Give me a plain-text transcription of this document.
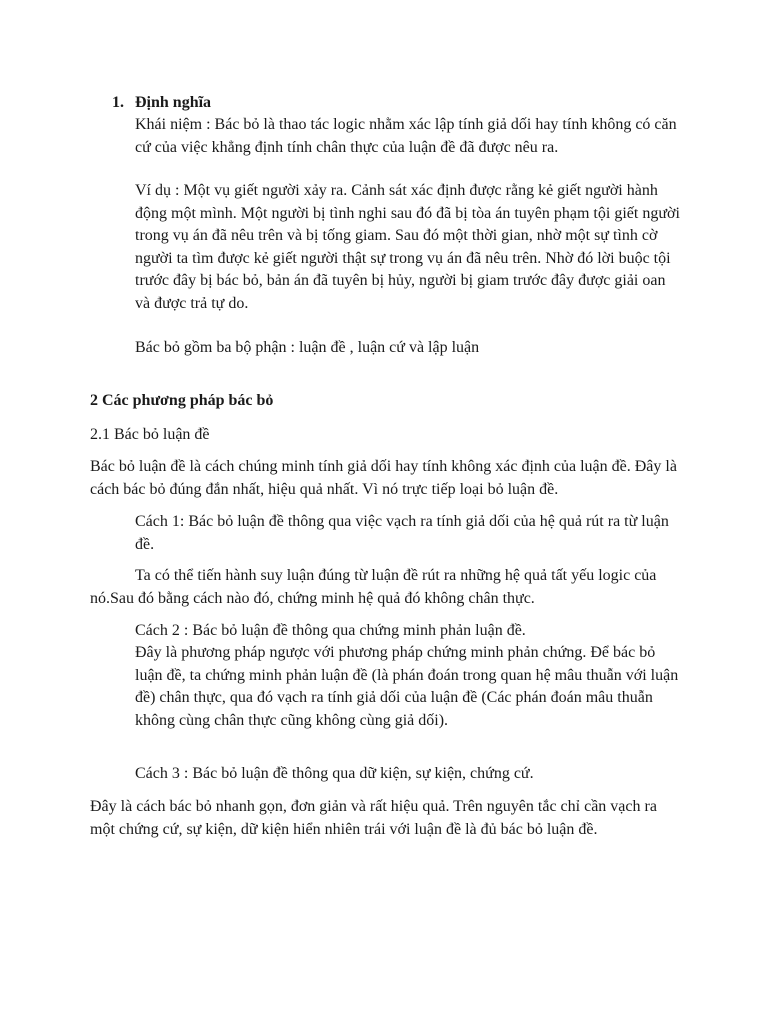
1. Định nghĩa

Khái niệm : Bác bỏ là thao tác logic nhằm xác lập tính giả dối hay tính không có căn cứ của việc khẳng định tính chân thực của luận đề đã được nêu ra.

Ví dụ : Một vụ giết người xảy ra. Cảnh sát xác định được rằng kẻ giết người hành động một mình. Một người bị tình nghi sau đó đã bị tòa án tuyên phạm tội giết người trong vụ án đã nêu trên và bị tống giam. Sau đó một thời gian, nhờ một sự tình cờ người ta tìm được kẻ giết người thật sự trong vụ án đã nêu trên. Nhờ đó lời buộc tội trước đây bị bác bỏ, bản án đã tuyên bị hủy, người bị giam trước đây được giải oan và được trả tự do.

Bác bỏ gồm ba bộ phận : luận đề , luận cứ và lập luận

2 Các phương pháp bác bỏ

2.1 Bác bỏ luận đề

Bác bỏ luận đề là cách chúng minh tính giả dối hay tính không xác định của luận đề. Đây là cách bác bỏ đúng đắn nhất, hiệu quả nhất. Vì nó trực tiếp loại bỏ luận đề.

Cách 1: Bác bỏ luận đề thông qua việc vạch ra tính giả dối của hệ quả rút ra từ luận đề.

Ta có thể tiến hành suy luận đúng từ luận đề rút ra những hệ quả tất yếu logic của nó.Sau đó bằng cách nào đó, chứng minh hệ quả đó không chân thực.

Cách 2 : Bác bỏ luận đề thông qua chứng minh phản luận đề.

Đây là phương pháp ngược với phương pháp chứng minh phản chứng. Để bác bỏ luận đề, ta chứng minh phản luận đề (là phán đoán trong quan hệ mâu thuẫn với luận đề) chân thực, qua đó vạch ra tính giả dối của luận đề (Các phán đoán mâu thuẫn không cùng chân thực cũng không cùng giả dối).

Cách 3 : Bác bỏ luận đề thông qua dữ kiện, sự kiện, chứng cứ.

Đây là cách bác bỏ nhanh gọn, đơn giản và rất hiệu quả. Trên nguyên tắc chỉ cần vạch ra một chứng cứ, sự kiện, dữ kiện hiển nhiên trái với luận đề là đủ bác bỏ luận đề.
